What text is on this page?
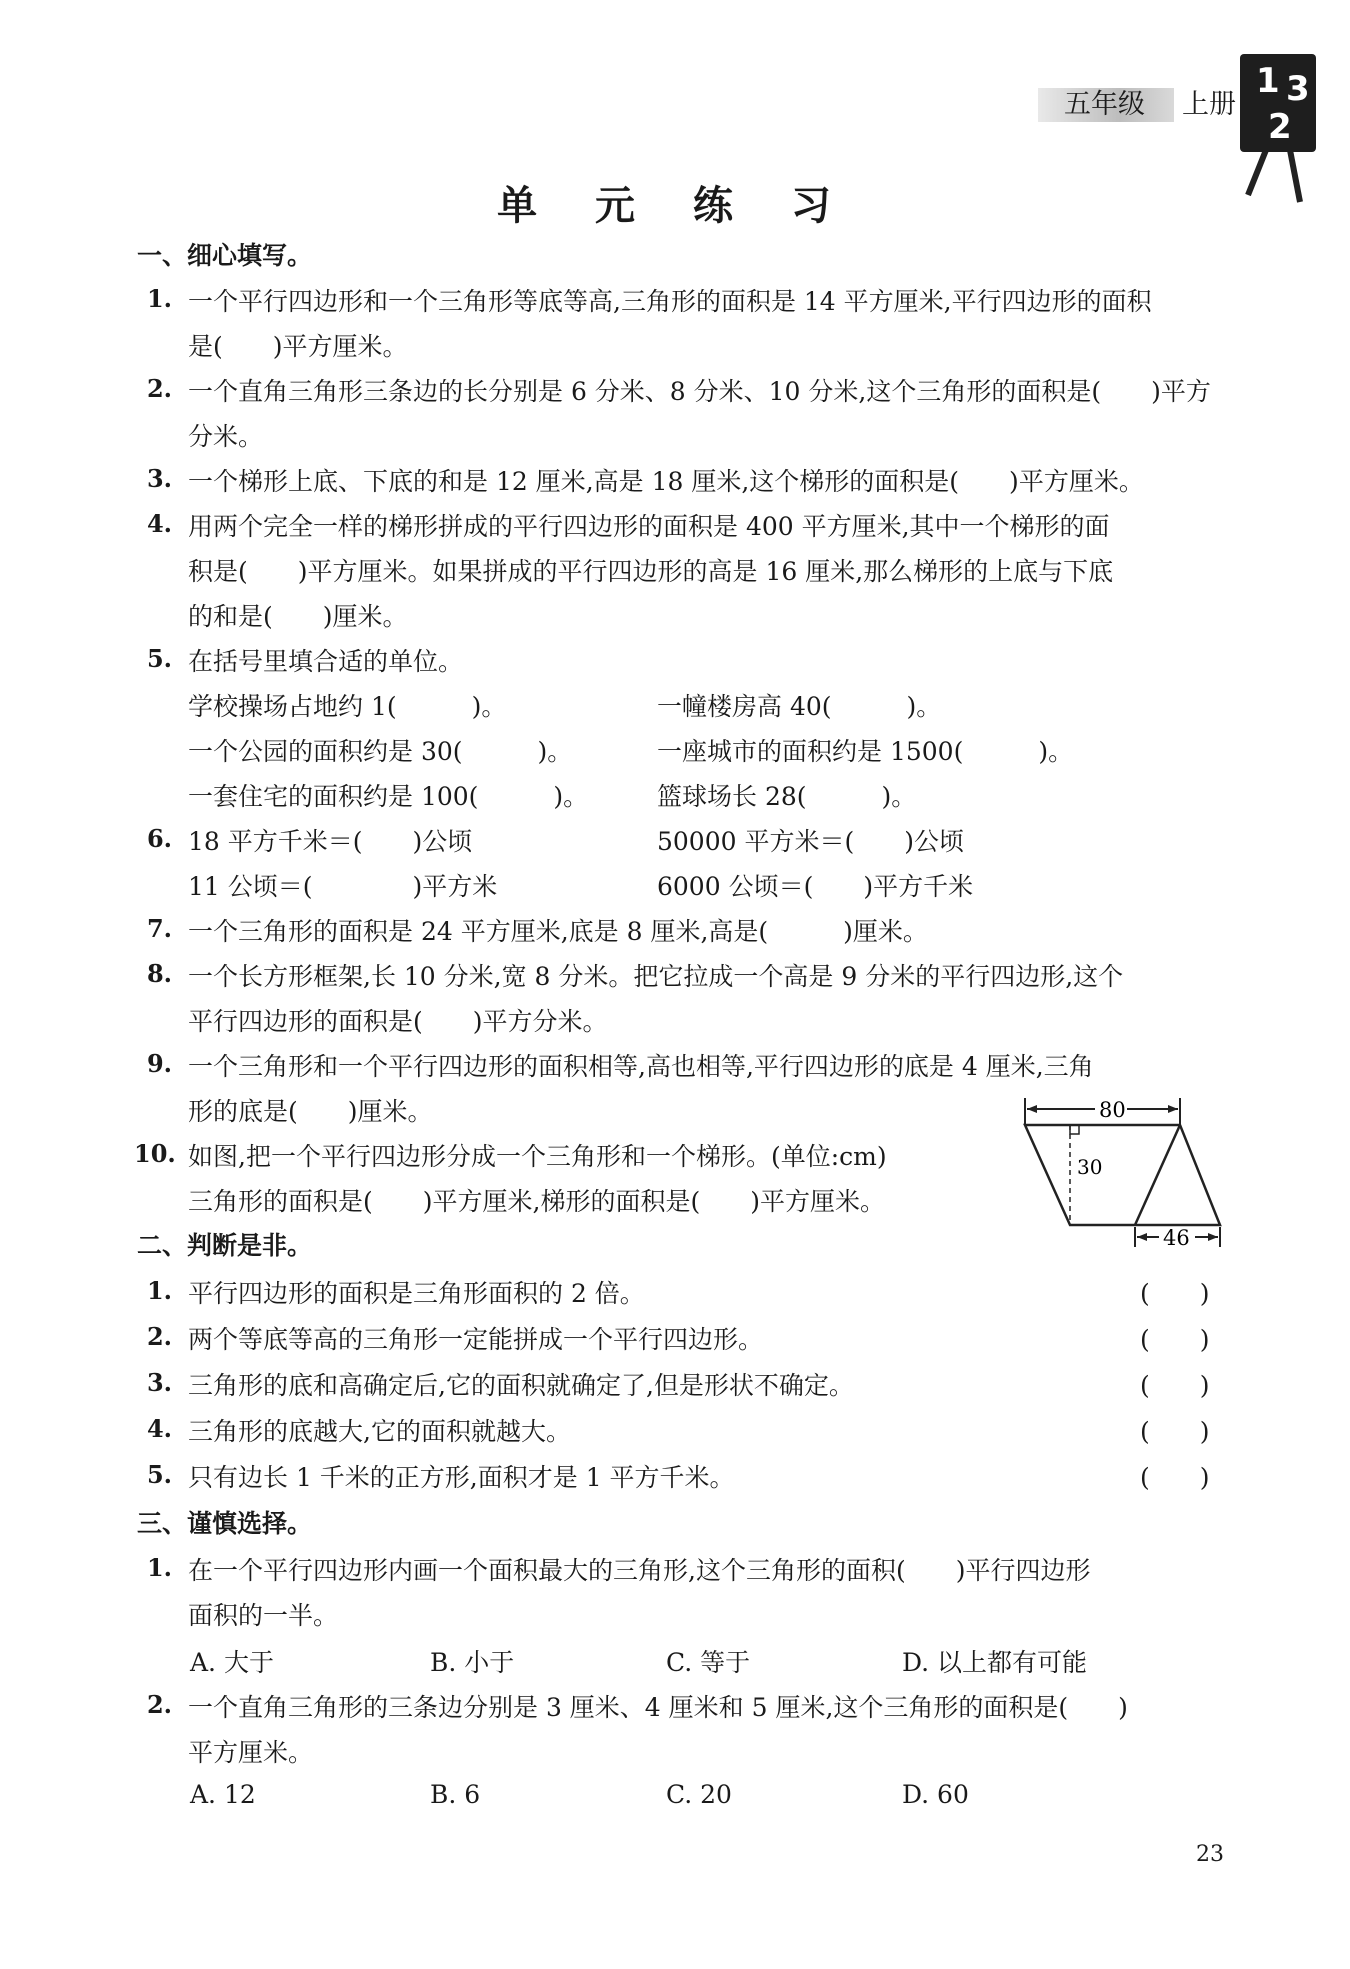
五年级 上册
1 3
2
单 元 练 习
一、细心填写。
1. 一个平行四边形和一个三角形等底等高,三角形的面积是 14 平方厘米,平行四边形的面积
是(　　)平方厘米。
2. 一个直角三角形三条边的长分别是 6 分米、8 分米、10 分米,这个三角形的面积是(　　)平方
分米。
3. 一个梯形上底、下底的和是 12 厘米,高是 18 厘米,这个梯形的面积是(　　)平方厘米。
4. 用两个完全一样的梯形拼成的平行四边形的面积是 400 平方厘米,其中一个梯形的面
积是(　　)平方厘米。如果拼成的平行四边形的高是 16 厘米,那么梯形的上底与下底
的和是(　　)厘米。
5. 在括号里填合适的单位。
学校操场占地约 1(　　　)。	一幢楼房高 40(　　　)。
一个公园的面积约是 30(　　　)。	一座城市的面积约是 1500(　　　)。
一套住宅的面积约是 100(　　　)。	篮球场长 28(　　　)。
6. 18 平方千米＝(　　)公顷	50000 平方米＝(　　)公顷
11 公顷＝(　　　　)平方米	6000 公顷＝(　　)平方千米
7. 一个三角形的面积是 24 平方厘米,底是 8 厘米,高是(　　　)厘米。
8. 一个长方形框架,长 10 分米,宽 8 分米。把它拉成一个高是 9 分米的平行四边形,这个
平行四边形的面积是(　　)平方分米。
9. 一个三角形和一个平行四边形的面积相等,高也相等,平行四边形的底是 4 厘米,三角
形的底是(　　)厘米。
10. 如图,把一个平行四边形分成一个三角形和一个梯形。(单位:cm)
三角形的面积是(　　)平方厘米,梯形的面积是(　　)平方厘米。
80
30
46
二、判断是非。
1. 平行四边形的面积是三角形面积的 2 倍。	(　　)
2. 两个等底等高的三角形一定能拼成一个平行四边形。	(　　)
3. 三角形的底和高确定后,它的面积就确定了,但是形状不确定。	(　　)
4. 三角形的底越大,它的面积就越大。	(　　)
5. 只有边长 1 千米的正方形,面积才是 1 平方千米。	(　　)
三、谨慎选择。
1. 在一个平行四边形内画一个面积最大的三角形,这个三角形的面积(　　)平行四边形
面积的一半。
A. 大于	B. 小于	C. 等于	D. 以上都有可能
2. 一个直角三角形的三条边分别是 3 厘米、4 厘米和 5 厘米,这个三角形的面积是(　　)
平方厘米。
A. 12	B. 6	C. 20	D. 60
23
